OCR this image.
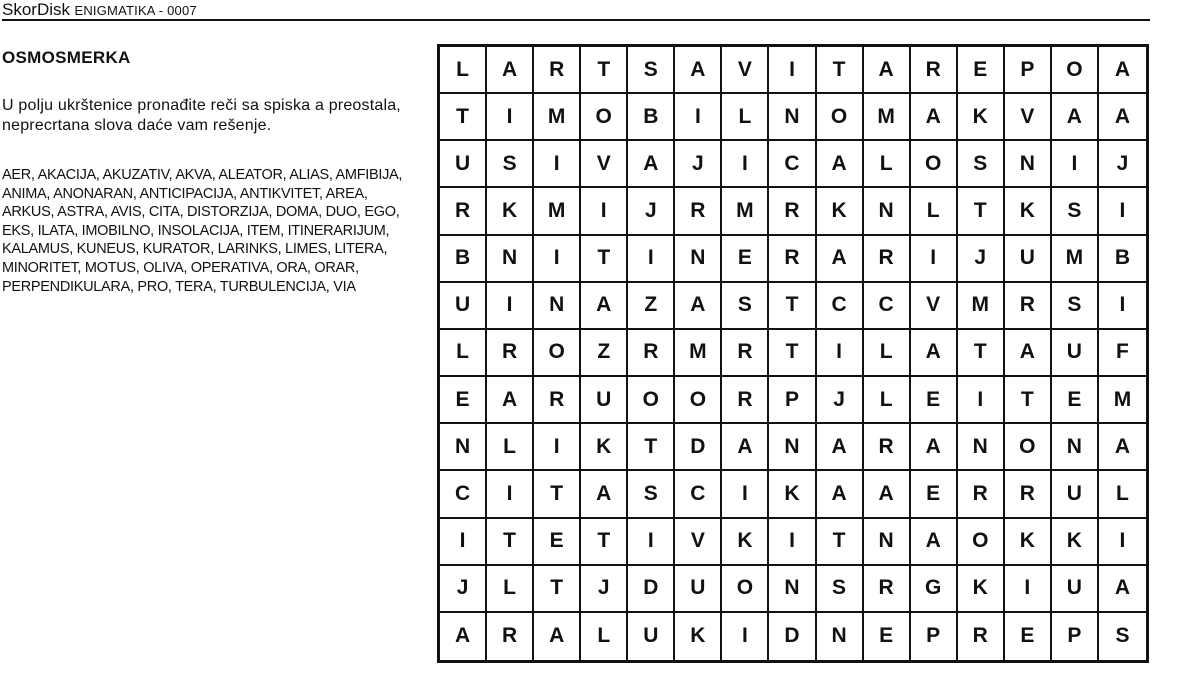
SkorDisk ENIGMATIKA - 0007
OSMOSMERKA
U polju ukrštenice pronađite reči sa spiska a preostala, neprecrtana slova daće vam rešenje.
AER, AKACIJA, AKUZATIV, AKVA, ALEATOR, ALIAS, AMFIBIJA, ANIMA, ANONARAN, ANTICIPACIJA, ANTIKVITET, AREA, ARKUS, ASTRA, AVIS, CITA, DISTORZIJA, DOMA, DUO, EGO, EKS, ILATA, IMOBILNO, INSOLACIJA, ITEM, ITINERARIJUM, KALAMUS, KUNEUS, KURATOR, LARINKS, LIMES, LITERA, MINORITET, MOTUS, OLIVA, OPERATIVA, ORA, ORAR, PERPENDIKULARA, PRO, TERA, TURBULENCIJA, VIA
L	A	R	T	S	A	V	I	T	A	R	E	P	O	A
T	I	M	O	B	I	L	N	O	M	A	K	V	A	A
U	S	I	V	A	J	I	C	A	L	O	S	N	I	J
R	K	M	I	J	R	M	R	K	N	L	T	K	S	I
B	N	I	T	I	N	E	R	A	R	I	J	U	M	B
U	I	N	A	Z	A	S	T	C	C	V	M	R	S	I
L	R	O	Z	R	M	R	T	I	L	A	T	A	U	F
E	A	R	U	O	O	R	P	J	L	E	I	T	E	M
N	L	I	K	T	D	A	N	A	R	A	N	O	N	A
C	I	T	A	S	C	I	K	A	A	E	R	R	U	L
I	T	E	T	I	V	K	I	T	N	A	O	K	K	I
J	L	T	J	D	U	O	N	S	R	G	K	I	U	A
A	R	A	L	U	K	I	D	N	E	P	R	E	P	S
